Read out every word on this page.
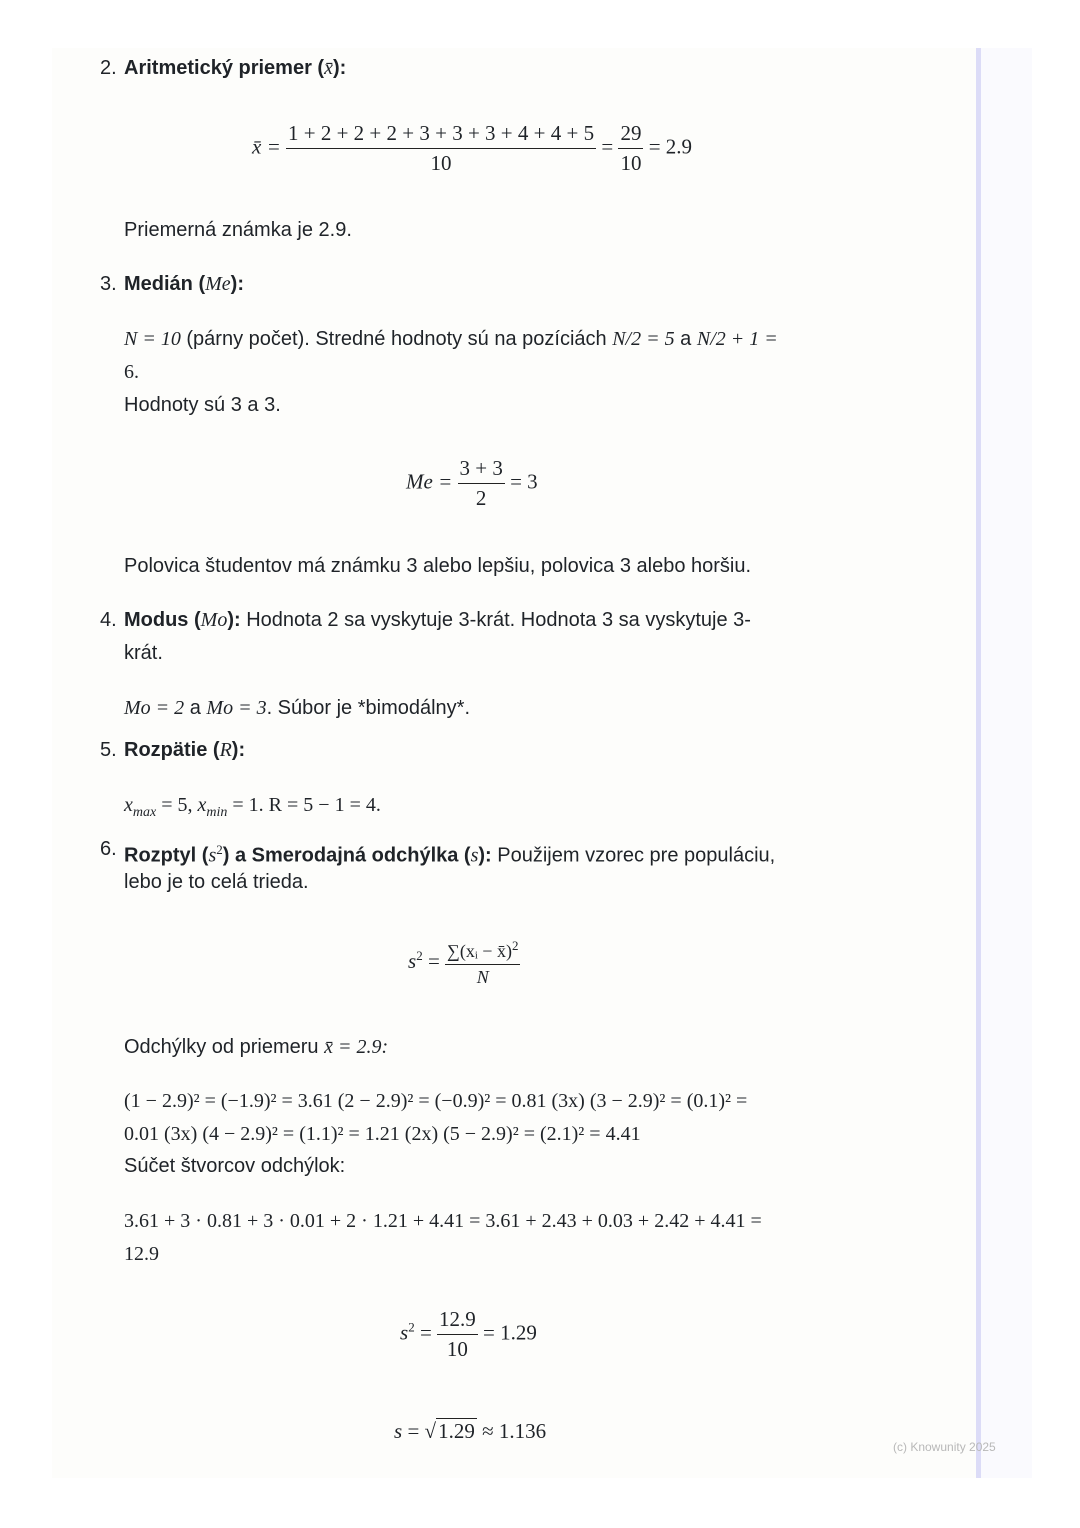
2. Aritmetický priemer (x̄):
x̄ = $\frac{1 + 2 + 2 + 2 + 3 + 3 + 3 + 4 + 4 + 5}{10} = \frac{29}{10} = 2.9$
Priemerná známka je 2.9.
3. Medián (Me):
N = 10 (párny počet). Stredné hodnoty sú na pozíciách N/2 = 5 a N/2 + 1 =
6.
Hodnoty sú 3 a 3.
$Me = \frac{3 + 3}{2} = 3$
Polovica študentov má známku 3 alebo lepšiu, polovica 3 alebo horšiu.
4. Modus (Mo): Hodnota 2 sa vyskytuje 3-krát. Hodnota 3 sa vyskytuje 3-
krát.
Mo = 2 a Mo = 3. Súbor je *bimodálny*.
5. Rozpätie (R):
$x_{max} = 5$, $x_{min} = 1$. R = 5 − 1 = 4.
6. Rozptyl $(s^2)$ a Smerodajná odchýlka (s): Použijem vzorec pre populáciu,
lebo je to celá trieda.
$s^2 = \frac{\sum(xᵢ - x̄)^2}{N}$
Odchýlky od priemeru x̄ = 2.9:
(1 − 2.9)² = (−1.9)² = 3.61 (2 − 2.9)² = (−0.9)² = 0.81 (3x) (3 − 2.9)² = (0.1)² =
0.01 (3x) (4 − 2.9)² = (1.1)² = 1.21 (2x) (5 − 2.9)² = (2.1)² = 4.41
Súčet štvorcov odchýlok:
3.61 + 3 · 0.81 + 3 · 0.01 + 2 · 1.21 + 4.41 = 3.61 + 2.43 + 0.03 + 2.42 + 4.41 =
12.9
$s^2 = \frac{12.9}{10} = 1.29$
s = √1.29 ≈ 1.136
(c) Knowunity 2025
